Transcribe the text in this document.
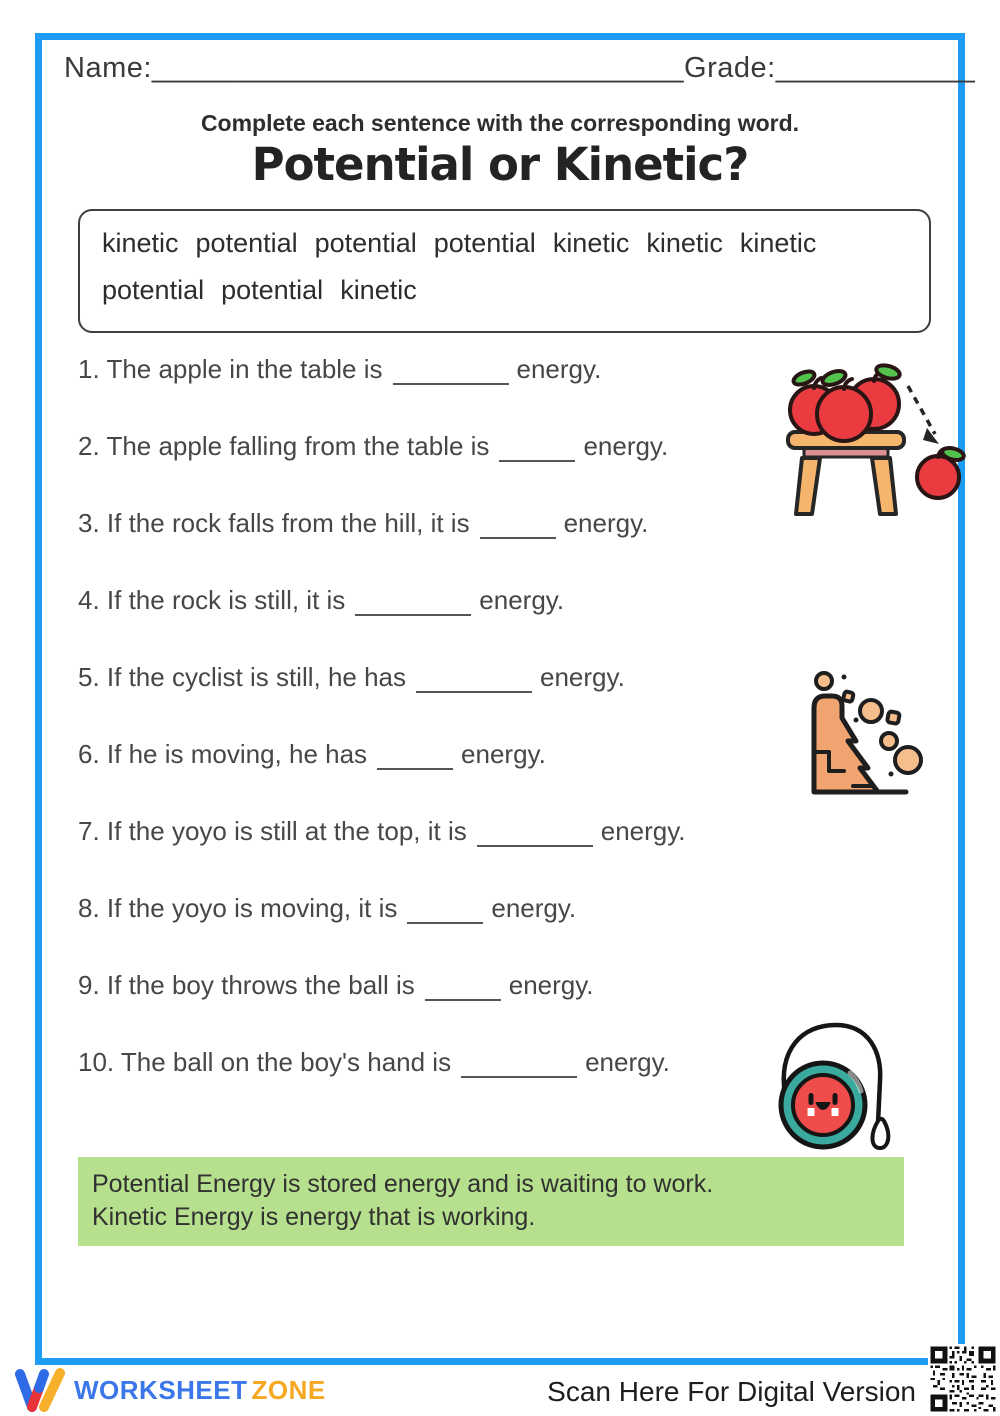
Name:________________________________ Grade:____________
Complete each sentence with the corresponding word.
Potential or Kinetic?
kinetic potential potential potential kinetic kinetic kinetic
potential potential kinetic
1. The apple in the table is	energy.
2. The apple falling from the table is	energy.
3. If the rock falls from the hill, it is	energy.
4. If the rock is still, it is	energy.
5. If the cyclist is still, he has	energy.
6. If he is moving, he has	energy.
7. If the yoyo is still at the top, it is	energy.
8. If the yoyo is moving, it is	energy.
9. If the boy throws the ball is	energy.
10. The ball on the boy's hand is	energy.
Potential Energy is stored energy and is waiting to work.
Kinetic Energy is energy that is working.
WORKSHEET ZONE	Scan Here For Digital Version
